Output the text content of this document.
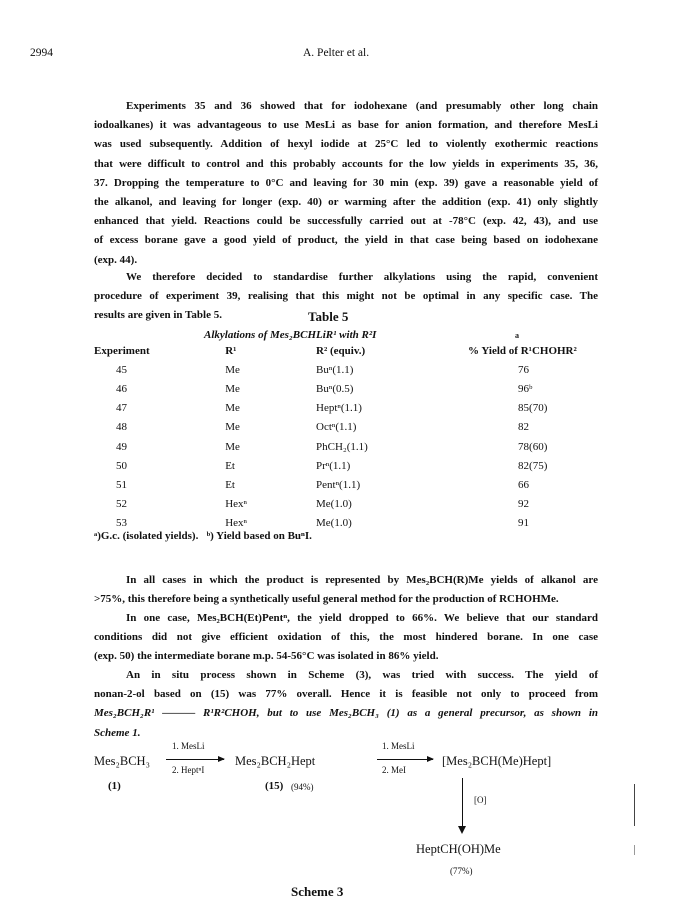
2994	A. Pelter et al.
Experiments 35 and 36 showed that for iodohexane (and presumably other long chain
iodoalkanes) it was advantageous to use MesLi as base for anion formation, and therefore MesLi
was used subsequently. Addition of hexyl iodide at 25°C led to violently exothermic reactions
that were difficult to control and this probably accounts for the low yields in experiments 35, 36,
37. Dropping the temperature to 0°C and leaving for 30 min (exp. 39) gave a reasonable yield of
the alkanol, and leaving for longer (exp. 40) or warming after the addition (exp. 41) only slightly
enhanced that yield. Reactions could be successfully carried out at -78°C (exp. 42, 43), and use
of excess borane gave a good yield of product, the yield in that case being based on iodohexane
(exp. 44).
We therefore decided to standardise further alkylations using the rapid, convenient
procedure of experiment 39, realising that this might not be optimal in any specific case. The
results are given in Table 5.	Table 5
Alkylations of Mes₂BCHLiR¹ with R²I	a
Experiment	R¹	R² (equiv.)	% Yield of R¹CHOHR²
45	Me	Buⁿ(1.1)	76
46	Me	Buⁿ(0.5)	96ᵇ
47	Me	Heptⁿ(1.1)	85(70)
48	Me	Octⁿ(1.1)	82
49	Me	PhCH₂(1.1)	78(60)
50	Et	Prⁿ(1.1)	82(75)
51	Et	Pentⁿ(1.1)	66
52	Hexⁿ	Me(1.0)	92
53	Hexⁿ	Me(1.0)	91
ᵃ)G.c. (isolated yields).   ᵇ) Yield based on BuⁿI.
In all cases in which the product is represented by Mes₂BCH(R)Me yields of alkanol are
>75%, this therefore being a synthetically useful general method for the production of RCHOHMe.
In one case, Mes₂BCH(Et)Pentⁿ, the yield dropped to 66%. We believe that our standard
conditions did not give efficient oxidation of this, the most hindered borane. In one case
(exp. 50) the intermediate borane m.p. 54-56°C was isolated in 86% yield.
An in situ process shown in Scheme (3), was tried with success. The yield of
nonan-2-ol based on (15) was 77% overall. Hence it is feasible not only to proceed from
Mes₂BCH₂R¹ ——— R¹R²CHOH, but to use Mes₂BCH₃ (1) as a general precursor, as shown in
Scheme 1.
Mes₂BCH₃
(1)
1. MesLi
2. HeptⁿI
Mes₂BCH₂Hept
(15) (94%)
1. MesLi
2. MeI
[Mes₂BCH(Me)Hept]
[O]
HeptCH(OH)Me
(77%)
Scheme 3
